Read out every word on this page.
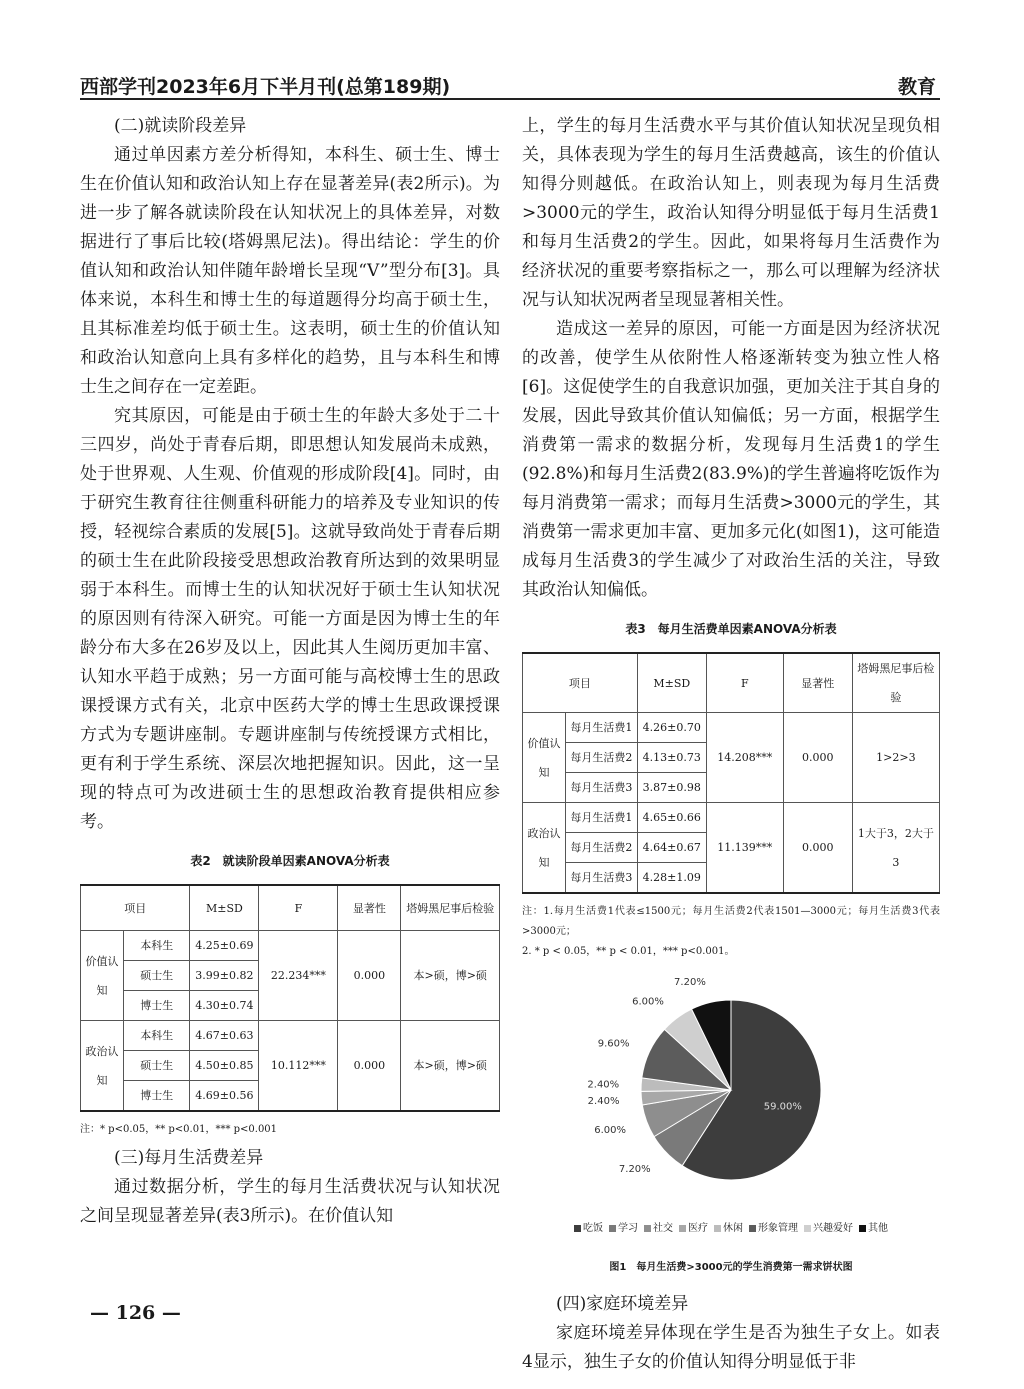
西部学刊2023年6月下半月刊(总第189期)	教育

(二)就读阶段差异

通过单因素方差分析得知，本科生、硕士生、博士生在价值认知和政治认知上存在显著差异(表2所示)。为进一步了解各就读阶段在认知状况上的具体差异，对数据进行了事后比较(塔姆黑尼法)。得出结论：学生的价值认知和政治认知伴随年龄增长呈现“V”型分布[3]。具体来说，本科生和博士生的每道题得分均高于硕士生，且其标准差均低于硕士生。这表明，硕士生的价值认知和政治认知意向上具有多样化的趋势，且与本科生和博士生之间存在一定差距。

究其原因，可能是由于硕士生的年龄大多处于二十三四岁，尚处于青春后期，即思想认知发展尚未成熟，处于世界观、人生观、价值观的形成阶段[4]。同时，由于研究生教育往往侧重科研能力的培养及专业知识的传授，轻视综合素质的发展[5]。这就导致尚处于青春后期的硕士生在此阶段接受思想政治教育所达到的效果明显弱于本科生。而博士生的认知状况好于硕士生认知状况的原因则有待深入研究。可能一方面是因为博士生的年龄分布大多在26岁及以上，因此其人生阅历更加丰富、认知水平趋于成熟；另一方面可能与高校博士生的思政课授课方式有关，北京中医药大学的博士生思政课授课方式为专题讲座制。专题讲座制与传统授课方式相比，更有利于学生系统、深层次地把握知识。因此，这一呈现的特点可为改进硕士生的思想政治教育提供相应参考。

表2　就读阶段单因素ANOVA分析表
项目		M±SD	F	显著性	塔姆黑尼事后检验
价值认知	本科生	4.25±0.69	22.234***	0.000	本>硕，博>硕
	硕士生	3.99±0.82			
	博士生	4.30±0.74			
政治认知	本科生	4.67±0.63	10.112***	0.000	本>硕，博>硕
	硕士生	4.50±0.85			
	博士生	4.69±0.56			

注：* p<0.05，** p<0.01，*** p<0.001

(三)每月生活费差异

通过数据分析，学生的每月生活费状况与认知状况之间呈现显著差异(表3所示)。在价值认知

上，学生的每月生活费水平与其价值认知状况呈现负相关，具体表现为学生的每月生活费越高，该生的价值认知得分则越低。在政治认知上，则表现为每月生活费>3000元的学生，政治认知得分明显低于每月生活费1和每月生活费2的学生。因此，如果将每月生活费作为经济状况的重要考察指标之一，那么可以理解为经济状况与认知状况两者呈现显著相关性。

造成这一差异的原因，可能一方面是因为经济状况的改善，使学生从依附性人格逐渐转变为独立性人格[6]。这促使学生的自我意识加强，更加关注于其自身的发展，因此导致其价值认知偏低；另一方面，根据学生消费第一需求的数据分析，发现每月生活费1的学生(92.8%)和每月生活费2(83.9%)的学生普遍将吃饭作为每月消费第一需求；而每月生活费>3000元的学生，其消费第一需求更加丰富、更加多元化(如图1)，这可能造成每月生活费3的学生减少了对政治生活的关注，导致其政治认知偏低。

表3　每月生活费单因素ANOVA分析表
项目		M±SD	F	显著性	塔姆黑尼事后检验
价值认知	每月生活费1	4.26±0.70	14.208***	0.000	1>2>3
	每月生活费2	4.13±0.73			
	每月生活费3	3.87±0.98			
政治认知	每月生活费1	4.65±0.66	11.139***	0.000	1大于3，2大于3
	每月生活费2	4.64±0.67			
	每月生活费3	4.28±1.09			

注：1.每月生活费1代表≤1500元；每月生活费2代表1501—3000元；每月生活费3代表>3000元；

2. * p < 0.05，** p < 0.01，*** p<0.001。

59.00%
7.20%
6.00%
2.40%
2.40%
9.60%
6.00%
7.20%
吃饭 学习 社交 医疗 休闲 形象管理 兴趣爱好 其他
图1　每月生活费>3000元的学生消费第一需求饼状图

(四)家庭环境差异

家庭环境差异体现在学生是否为独生子女上。如表4显示，独生子女的价值认知得分明显低于非

— 126 —
